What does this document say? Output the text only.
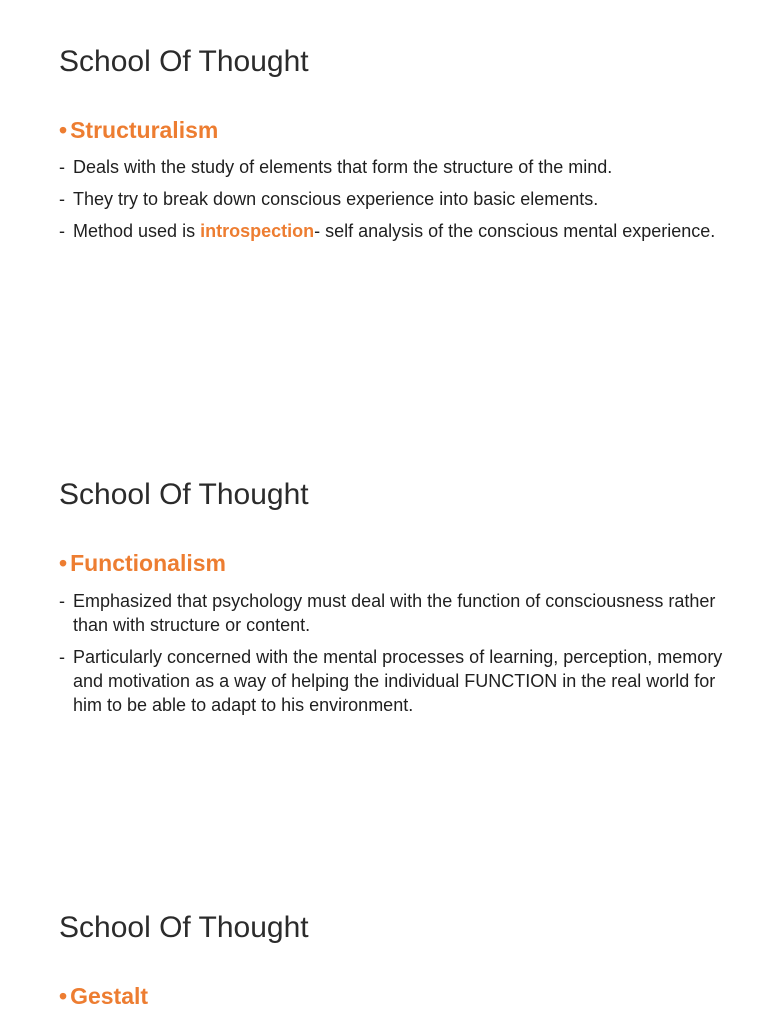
School Of Thought
• Structuralism
- Deals with the study of elements that form the structure of the mind.
- They try to break down conscious experience into basic elements.
- Method used is introspection- self analysis of the conscious mental experience.
School Of Thought
• Functionalism
- Emphasized that psychology must deal with the function of consciousness rather than with structure or content.
- Particularly concerned with the mental processes of learning, perception, memory and motivation as a way of helping the individual FUNCTION in the real world for him to be able to adapt to his environment.
School Of Thought
• Gestalt
